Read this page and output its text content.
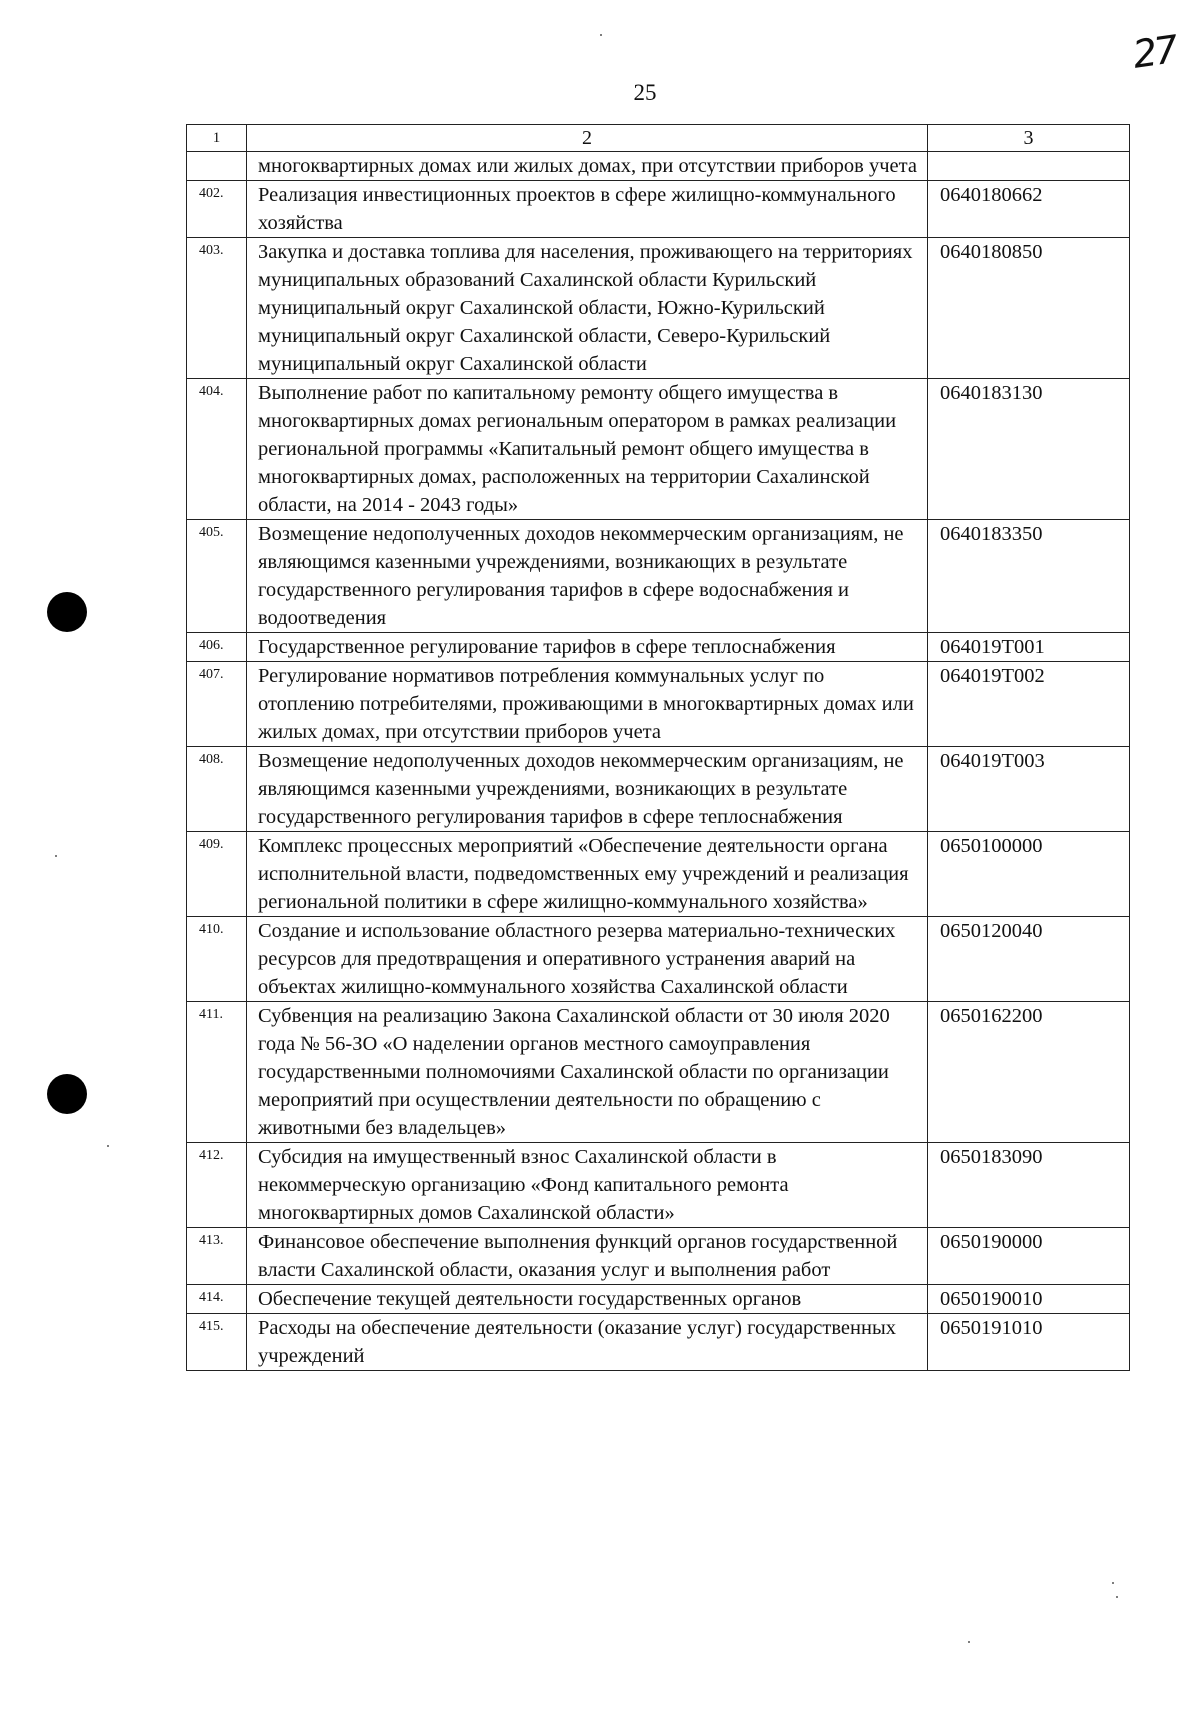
25
27
1	2	3
	многоквартирных домах или жилых домах, при отсутствии приборов учета	
402.	Реализация инвестиционных проектов в сфере жилищно-коммунального хозяйства	0640180662
403.	Закупка и доставка топлива для населения, проживающего на территориях муниципальных образований Сахалинской области Курильский муниципальный округ Сахалинской области, Южно-Курильский муниципальный округ Сахалинской области, Северо-Курильский муниципальный округ Сахалинской области	0640180850
404.	Выполнение работ по капитальному ремонту общего имущества в многоквартирных домах региональным оператором в рамках реализации региональной программы «Капитальный ремонт общего имущества в многоквартирных домах, расположенных на территории Сахалинской области, на 2014 - 2043 годы»	0640183130
405.	Возмещение недополученных доходов некоммерческим организациям, не являющимся казенными учреждениями, возникающих в результате государственного регулирования тарифов в сфере водоснабжения и водоотведения	0640183350
406.	Государственное регулирование тарифов в сфере теплоснабжения	064019Т001
407.	Регулирование нормативов потребления коммунальных услуг по отоплению потребителями, проживающими в многоквартирных домах или жилых домах, при отсутствии приборов учета	064019Т002
408.	Возмещение недополученных доходов некоммерческим организациям, не являющимся казенными учреждениями, возникающих в результате государственного регулирования тарифов в сфере теплоснабжения	064019Т003
409.	Комплекс процессных мероприятий «Обеспечение деятельности органа исполнительной власти, подведомственных ему учреждений и реализация региональной политики в сфере жилищно-коммунального хозяйства»	0650100000
410.	Создание и использование областного резерва материально-технических ресурсов для предотвращения и оперативного устранения аварий на объектах жилищно-коммунального хозяйства Сахалинской области	0650120040
411.	Субвенция на реализацию Закона Сахалинской области от 30 июля 2020 года № 56-ЗО «О наделении органов местного самоуправления государственными полномочиями Сахалинской области по организации мероприятий при осуществлении деятельности по обращению с животными без владельцев»	0650162200
412.	Субсидия на имущественный взнос Сахалинской области в некоммерческую организацию «Фонд капитального ремонта многоквартирных домов Сахалинской области»	0650183090
413.	Финансовое обеспечение выполнения функций органов государственной власти Сахалинской области, оказания услуг и выполнения работ	0650190000
414.	Обеспечение текущей деятельности государственных органов	0650190010
415.	Расходы на обеспечение деятельности (оказание услуг) государственных учреждений	0650191010
